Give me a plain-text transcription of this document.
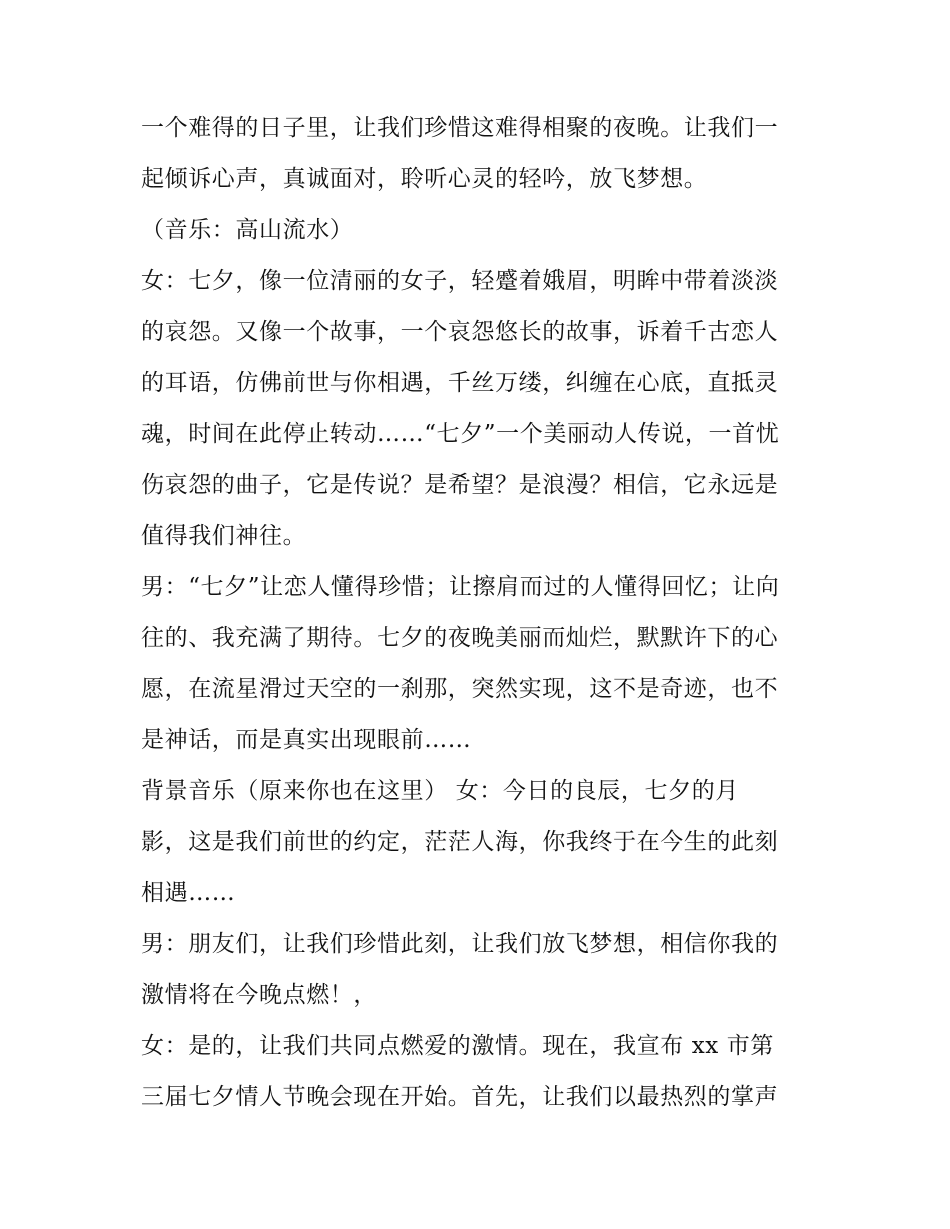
一个难得的日子里，让我们珍惜这难得相聚的夜晚。让我们一
起倾诉心声，真诚面对，聆听心灵的轻吟，放飞梦想。
（音乐：高山流水）
女：七夕，像一位清丽的女子，轻蹙着娥眉，明眸中带着淡淡
的哀怨。又像一个故事，一个哀怨悠长的故事，诉着千古恋人
的耳语，仿佛前世与你相遇，千丝万缕，纠缠在心底，直抵灵
魂，时间在此停止转动……“七夕”一个美丽动人传说，一首忧
伤哀怨的曲子，它是传说？是希望？是浪漫？相信，它永远是
值得我们神往。
男：“七夕”让恋人懂得珍惜；让擦肩而过的人懂得回忆；让向
往的、我充满了期待。七夕的夜晚美丽而灿烂，默默许下的心
愿，在流星滑过天空的一刹那，突然实现，这不是奇迹，也不
是神话，而是真实出现眼前……
背景音乐（原来你也在这里） 女：今日的良辰，七夕的月
影，这是我们前世的约定，茫茫人海，你我终于在今生的此刻
相遇……
男：朋友们，让我们珍惜此刻，让我们放飞梦想，相信你我的
激情将在今晚点燃！，
女：是的，让我们共同点燃爱的激情。现在，我宣布 xx 市第
三届七夕情人节晚会现在开始。首先，让我们以最热烈的掌声
